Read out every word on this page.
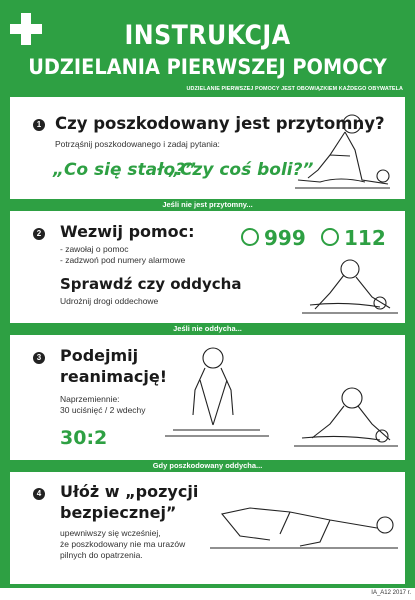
INSTRUKCJA
UDZIELANIA PIERWSZEJ POMOCY
UDZIELANIE PIERWSZEJ POMOCY JEST OBOWIĄZKIEM KAŻDEGO OBYWATELA
1 Czy poszkodowany jest przytomny?
Potrząśnij poszkodowanego i zadaj pytania:
„Co się stało?”
„Czy coś boli?”
Jeśli nie jest przytomny...
2 Wezwij pomoc:
- zawołaj o pomoc
- zadzwoń pod numery alarmowe
999 112
Sprawdź czy oddycha
Udrożnij drogi oddechowe
Jeśli nie oddycha...
3 Podejmij
reanimację!
Naprzemiennie:
30 uciśnięć / 2 wdechy
30:2
Gdy poszkodowany oddycha...
4 Ułóż w „pozycji
bezpiecznej”
upewniwszy się wcześniej,
że poszkodowany nie ma urazów
pilnych do opatrzenia.
Kopiowanie i przerabianie zabronione. Prawa autorskie zastrzeżone ©.	www.znaki-tdc.com tdc
IA_A12 2017 r.
